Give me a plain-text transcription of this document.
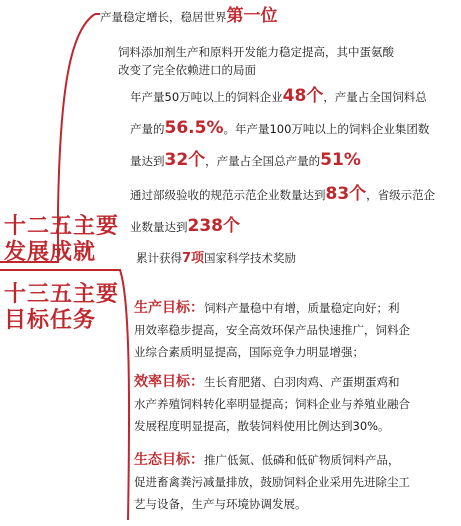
十二五主要
发展成就
十三五主要
目标任务
产量稳定增长，稳居世界第一位
饲料添加剂生产和原料开发能力稳定提高，其中蛋氨酸
改变了完全依赖进口的局面
年产量50万吨以上的饲料企业48个，产量占全国饲料总
产量的56.5%。年产量100万吨以上的饲料企业集团数
量达到32个，产量占全国总产量的51%
通过部级验收的规范示范企业数量达到83个，省级示范企
业数量达到238个
累计获得7项国家科学技术奖励
生产目标：饲料产量稳中有增，质量稳定向好；利
用效率稳步提高，安全高效环保产品快速推广，饲料企
业综合素质明显提高，国际竞争力明显增强；
效率目标：生长育肥猪、白羽肉鸡、产蛋期蛋鸡和
水产养殖饲料转化率明显提高；饲料企业与养殖业融合
发展程度明显提高，散装饲料使用比例达到30%。
生态目标：推广低氮、低磷和低矿物质饲料产品，
促进畜禽粪污减量排放，鼓励饲料企业采用先进除尘工
艺与设备，生产与环境协调发展。
